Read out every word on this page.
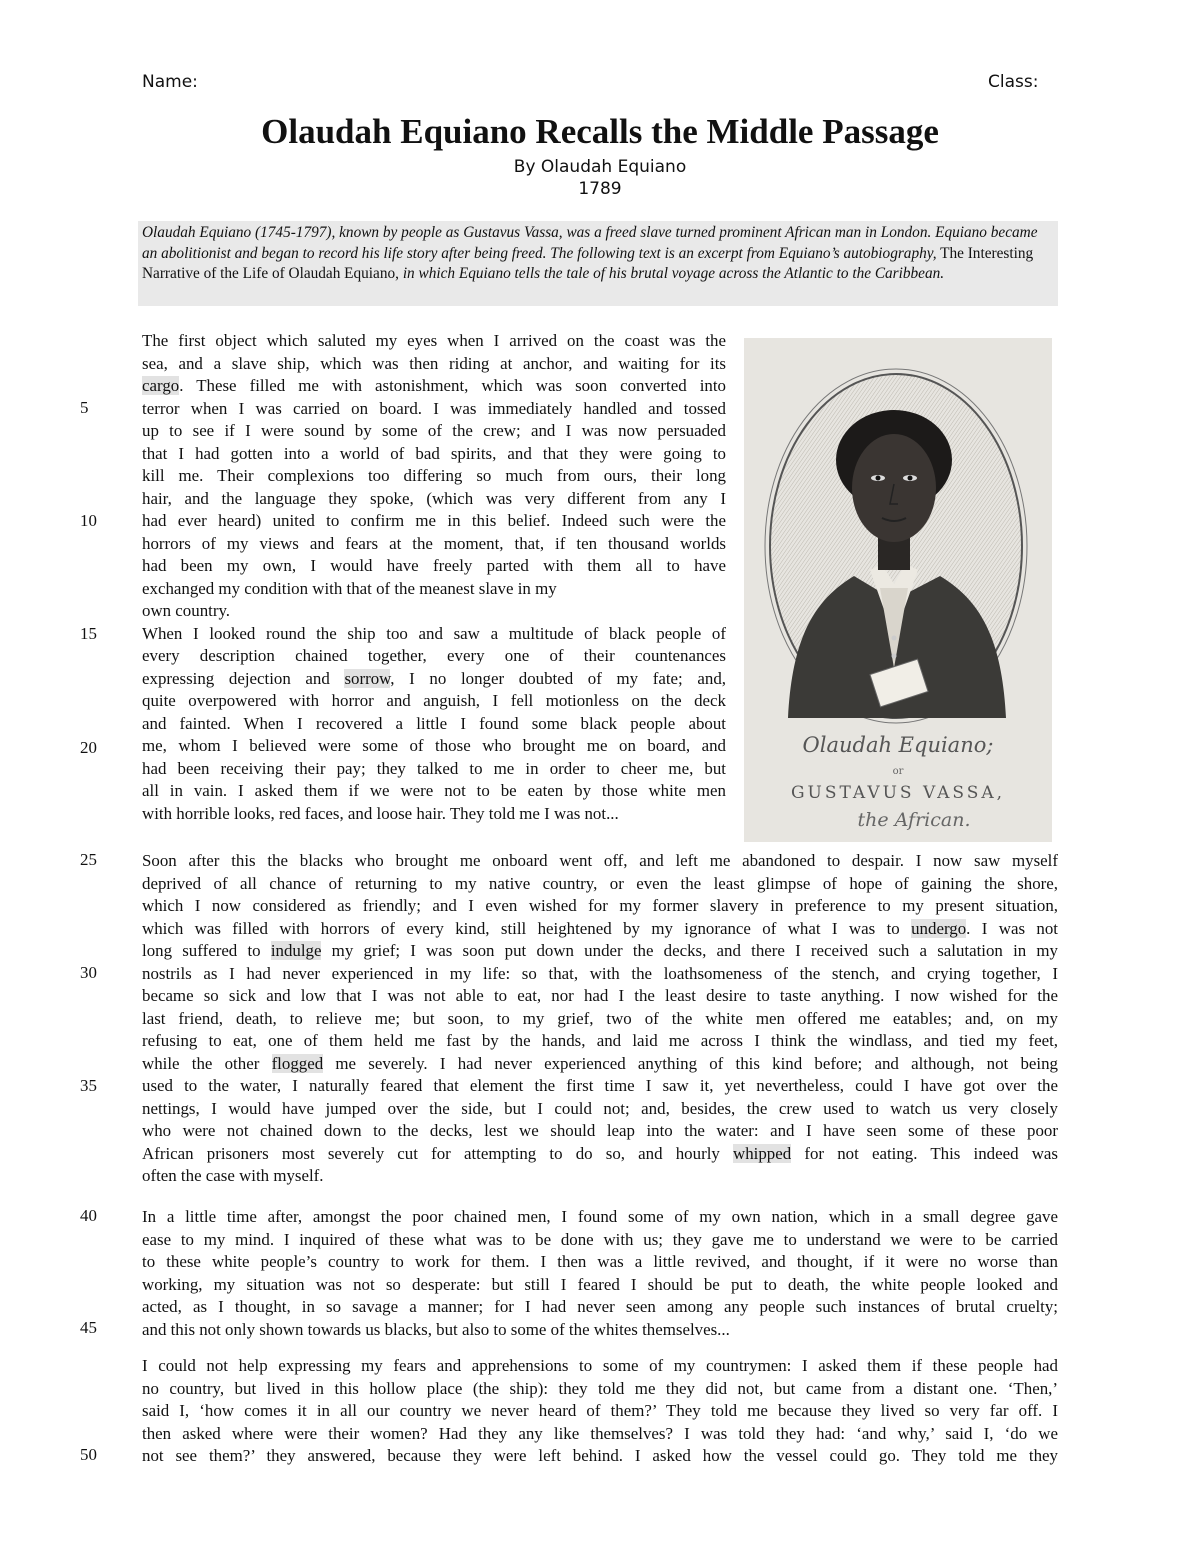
Name:	Class:
Olaudah Equiano Recalls the Middle Passage
By Olaudah Equiano
1789
Olaudah Equiano (1745-1797), known by people as Gustavus Vassa, was a freed slave turned prominent African man in London. Equiano became an abolitionist and began to record his life story after being freed. The following text is an excerpt from Equiano’s autobiography, The Interesting Narrative of the Life of Olaudah Equiano, in which Equiano tells the tale of his brutal voyage across the Atlantic to the Caribbean.
The first object which saluted my eyes when I arrived on the coast was the
sea, and a slave ship, which was then riding at anchor, and waiting for its
cargo. These filled me with astonishment, which was soon converted into
terror when I was carried on board. I was immediately handled and tossed
up to see if I were sound by some of the crew; and I was now persuaded
that I had gotten into a world of bad spirits, and that they were going to
kill me. Their complexions too differing so much from ours, their long
hair, and the language they spoke, (which was very different from any I
had ever heard) united to confirm me in this belief. Indeed such were the
horrors of my views and fears at the moment, that, if ten thousand worlds
had been my own, I would have freely parted with them all to have
exchanged my condition with that of the meanest slave in my
own country.
When I looked round the ship too and saw a multitude of black people of
every description chained together, every one of their countenances
expressing dejection and sorrow, I no longer doubted of my fate; and,
quite overpowered with horror and anguish, I fell motionless on the deck
and fainted. When I recovered a little I found some black people about
me, whom I believed were some of those who brought me on board, and
had been receiving their pay; they talked to me in order to cheer me, but
all in vain. I asked them if we were not to be eaten by those white men
with horrible looks, red faces, and loose hair. They told me I was not...
Olaudah Equiano;
or
GUSTAVUS VASSA,
the African.
Soon after this the blacks who brought me onboard went off, and left me abandoned to despair. I now saw myself
deprived of all chance of returning to my native country, or even the least glimpse of hope of gaining the shore,
which I now considered as friendly; and I even wished for my former slavery in preference to my present situation,
which was filled with horrors of every kind, still heightened by my ignorance of what I was to undergo. I was not
long suffered to indulge my grief; I was soon put down under the decks, and there I received such a salutation in my
nostrils as I had never experienced in my life: so that, with the loathsomeness of the stench, and crying together, I
became so sick and low that I was not able to eat, nor had I the least desire to taste anything. I now wished for the
last friend, death, to relieve me; but soon, to my grief, two of the white men offered me eatables; and, on my
refusing to eat, one of them held me fast by the hands, and laid me across I think the windlass, and tied my feet,
while the other flogged me severely. I had never experienced anything of this kind before; and although, not being
used to the water, I naturally feared that element the first time I saw it, yet nevertheless, could I have got over the
nettings, I would have jumped over the side, but I could not; and, besides, the crew used to watch us very closely
who were not chained down to the decks, lest we should leap into the water: and I have seen some of these poor
African prisoners most severely cut for attempting to do so, and hourly whipped for not eating. This indeed was
often the case with myself.
In a little time after, amongst the poor chained men, I found some of my own nation, which in a small degree gave
ease to my mind. I inquired of these what was to be done with us; they gave me to understand we were to be carried
to these white people’s country to work for them. I then was a little revived, and thought, if it were no worse than
working, my situation was not so desperate: but still I feared I should be put to death, the white people looked and
acted, as I thought, in so savage a manner; for I had never seen among any people such instances of brutal cruelty;
and this not only shown towards us blacks, but also to some of the whites themselves...
I could not help expressing my fears and apprehensions to some of my countrymen: I asked them if these people had
no country, but lived in this hollow place (the ship): they told me they did not, but came from a distant one. ‘Then,’
said I, ‘how comes it in all our country we never heard of them?’ They told me because they lived so very far off. I
then asked where were their women? Had they any like themselves? I was told they had: ‘and why,’ said I, ‘do we
not see them?’ they answered, because they were left behind. I asked how the vessel could go. They told me they
5
10
15
20
25
30
35
40
45
50
